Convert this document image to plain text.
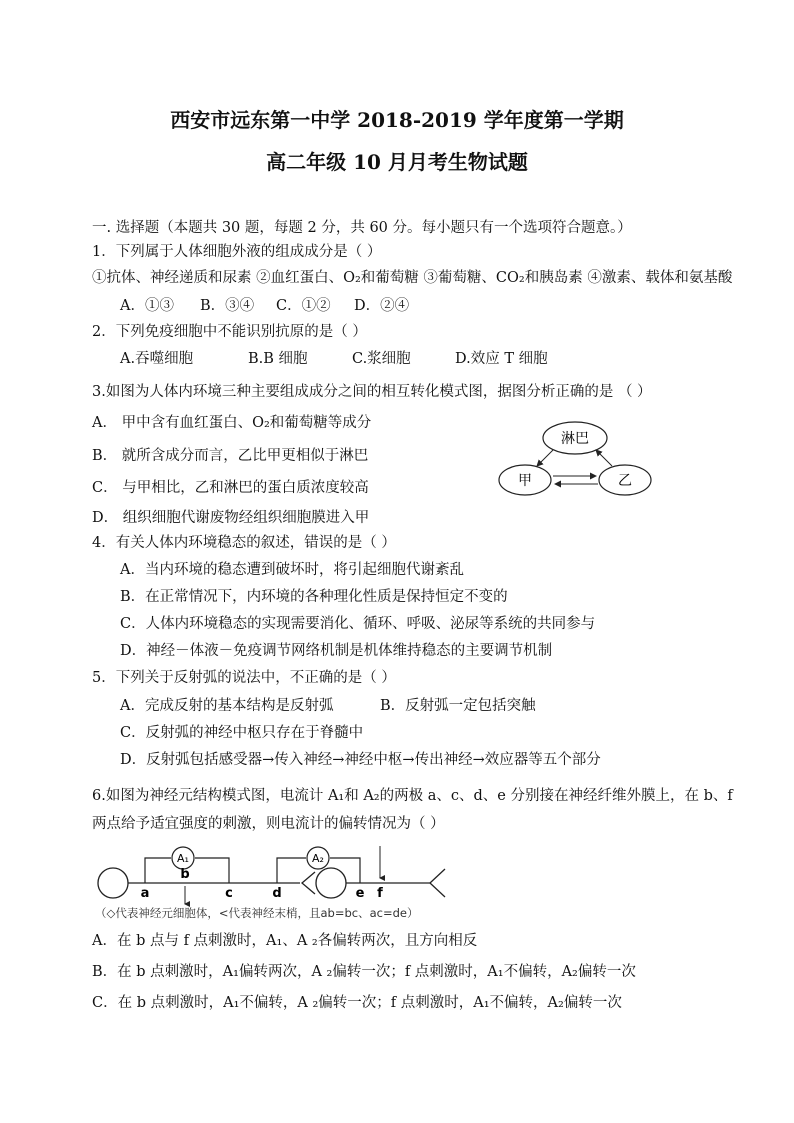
西安市远东第一中学 2018-2019 学年度第一学期
高二年级 10 月月考生物试题
一. 选择题（本题共 30 题，每题 2 分，共 60 分。每小题只有一个选项符合题意。）
1．下列属于人体细胞外液的组成成分是（ ）
①抗体、神经递质和尿素 ②血红蛋白、O₂和葡萄糖 ③葡萄糖、CO₂和胰岛素 ④激素、载体和氨基酸
A．①③ B．③④ C．①② D．②④
2．下列免疫细胞中不能识别抗原的是（ ）
A.吞噬细胞	B.B 细胞	C.浆细胞	D.效应 T 细胞
3.如图为人体内环境三种主要组成成分之间的相互转化模式图，据图分析正确的是 （ ）
A． 甲中含有血红蛋白、O₂和葡萄糖等成分
B． 就所含成分而言，乙比甲更相似于淋巴
C． 与甲相比，乙和淋巴的蛋白质浓度较高
D． 组织细胞代谢废物经组织细胞膜进入甲
淋巴
甲	乙
4．有关人体内环境稳态的叙述，错误的是（ ）
A．当内环境的稳态遭到破坏时，将引起细胞代谢紊乱
B．在正常情况下，内环境的各种理化性质是保持恒定不变的
C．人体内环境稳态的实现需要消化、循环、呼吸、泌尿等系统的共同参与
D．神经－体液－免疫调节网络机制是机体维持稳态的主要调节机制
5．下列关于反射弧的说法中，不正确的是（ ）
A．完成反射的基本结构是反射弧	B．反射弧一定包括突触
C．反射弧的神经中枢只存在于脊髓中
D．反射弧包括感受器→传入神经→神经中枢→传出神经→效应器等五个部分
6.如图为神经元结构模式图，电流计 A₁和 A₂的两极 a、c、d、e 分别接在神经纤维外膜上，在 b、f
两点给予适宜强度的刺激，则电流计的偏转情况为（ ）
A₁	A₂
a
b
c	d	e f
（◇代表神经元细胞体，<代表神经末梢，且ab=bc、ac=de）
A．在 b 点与 f 点刺激时，A₁、A ₂各偏转两次，且方向相反
B．在 b 点刺激时，A₁偏转两次，A ₂偏转一次；f 点刺激时，A₁不偏转，A₂偏转一次
C．在 b 点刺激时，A₁不偏转，A ₂偏转一次；f 点刺激时，A₁不偏转，A₂偏转一次
